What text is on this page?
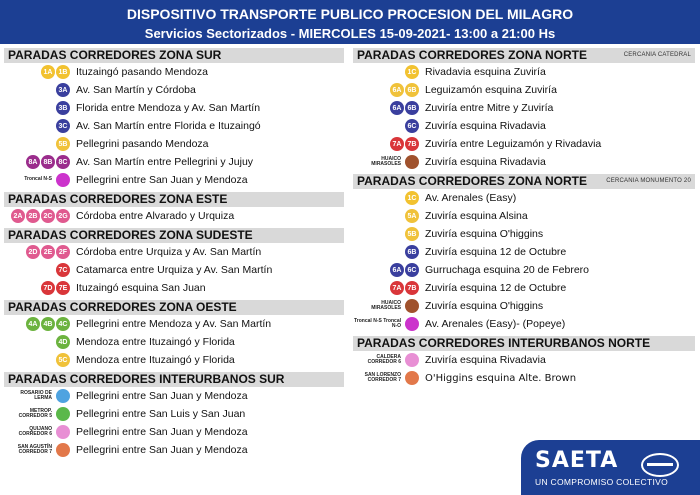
DISPOSITIVO TRANSPORTE PUBLICO PROCESION DEL MILAGRO
Servicios Sectorizados - MIERCOLES 15-09-2021- 13:00 a 21:00 Hs
PARADAS CORREDORES ZONA SUR
1A 1B Ituzaingó pasando Mendoza
3A Av. San Martín y Córdoba
3B Florida entre Mendoza y Av. San Martín
3C Av. San Martín entre Florida e Ituzaingó
5B Pellegrini pasando Mendoza
8A 8B 8C Av. San Martín entre Pellegrini y Jujuy
Troncal N-S Pellegrini entre San Juan y Mendoza
PARADAS CORREDORES ZONA ESTE
2A 2B 2C 2G Córdoba entre Alvarado y Urquiza
PARADAS CORREDORES ZONA SUDESTE
2D 2E 2F Córdoba entre Urquiza y Av. San Martín
7C Catamarca entre Urquiza y Av. San Martín
7D 7E Ituzaingó esquina San Juan
PARADAS CORREDORES ZONA OESTE
4A 4B 4C Pellegrini entre Mendoza y Av. San Martín
4D Mendoza entre Ituzaingó y Florida
5C Mendoza entre Ituzaingó y Florida
PARADAS CORREDORES INTERURBANOS SUR
ROSARIO DE LERMA Pellegrini entre San Juan y Mendoza
METROP. CORREDOR 5 Pellegrini entre San Luis y San Juan
QUIJANO CORREDOR 6 Pellegrini entre San Juan y Mendoza
SAN AGUSTÍN CORREDOR 7 Pellegrini entre San Juan y Mendoza
PARADAS CORREDORES ZONA NORTE	CERCANIA CATEDRAL
1C Rivadavia esquina Zuviría
6A 6B Leguizamón esquina Zuviría
6A 6B Zuviría entre Mitre y Zuviría
6C Zuviría esquina Rivadavia
7A 7B Zuviría entre Leguizamón y Rivadavia
HUAICO MIRASOLES Zuviría esquina Rivadavia
PARADAS CORREDORES ZONA NORTE	CERCANIA MONUMENTO 20
1C Av. Arenales (Easy)
5A Zuviría esquina Alsina
5B Zuviría esquina O'higgins
6B Zuviría esquina 12 de Octubre
6A 6C Gurruchaga esquina 20 de Febrero
7A 7B Zuviría esquina 12 de Octubre
HUAICO MIRASOLES Zuviría esquina O'higgins
Troncal N-S Troncal N-O Av. Arenales (Easy)- (Popeye)
PARADAS CORREDORES INTERURBANOS NORTE
CALDERA CORREDOR 6 Zuviría esquina Rivadavia
SAN LORENZO CORREDOR 7 O'Higgins esquina Alte. Brown
SAETA
UN COMPROMISO COLECTIVO
